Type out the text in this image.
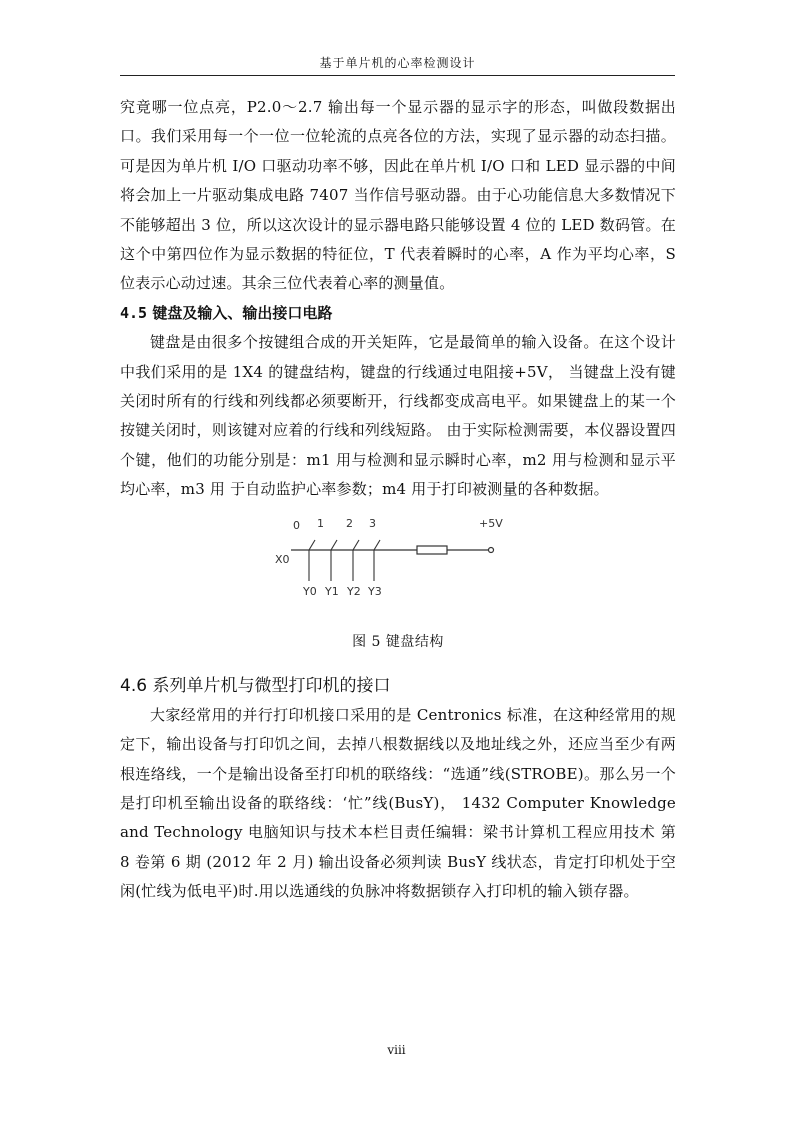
基于单片机的心率检测设计

究竟哪一位点亮，P2.0～2.7 输出每一个显示器的显示字的形态，叫做段数据出口。我们采用每一个一位一位轮流的点亮各位的方法，实现了显示器的动态扫描。可是因为单片机 I/O 口驱动功率不够，因此在单片机 I/O 口和 LED 显示器的中间将会加上一片驱动集成电路 7407 当作信号驱动器。由于心功能信息大多数情况下不能够超出 3 位，所以这次设计的显示器电路只能够设置 4 位的 LED 数码管。在这个中第四位作为显示数据的特征位，T 代表着瞬时的心率，A 作为平均心率，S 位表示心动过速。其余三位代表着心率的测量值。

4.5 键盘及输入、输出接口电路

键盘是由很多个按键组合成的开关矩阵，它是最简单的输入设备。在这个设计中我们采用的是 1X4 的键盘结构，键盘的行线通过电阻接+5V， 当键盘上没有键关闭时所有的行线和列线都必须要断开，行线都变成高电平。如果键盘上的某一个按键关闭时，则该键对应着的行线和列线短路。 由于实际检测需要，本仪器设置四个键，他们的功能分别是：m1 用与检测和显示瞬时心率，m2 用与检测和显示平均心率，m3 用 于自动监护心率参数；m4 用于打印被测量的各种数据。

0 1 2 3	+5V
X0
Y0 Y1 Y2 Y3
图 5 键盘结构
4.6 系列单片机与微型打印机的接口

大家经常用的并行打印机接口采用的是 Centronics 标准，在这种经常用的规定下，输出设备与打印饥之间，去掉八根数据线以及地址线之外，还应当至少有两根连络线，一个是输出设备至打印机的联络线：“选通”线(STROBE)。那么另一个是打印机至输出设备的联络线：‘忙”线(BusY)， 1432 Computer Knowledge and Technology 电脑知识与技术本栏目责任编辑：梁书计算机工程应用技术 第 8 卷第 6 期 (2012 年 2 月) 输出设备必须判读 BusY 线状态，肯定打印机处于空闲(忙线为低电平)时.用以选通线的负脉冲将数据锁存入打印机的输入锁存器。

viii
